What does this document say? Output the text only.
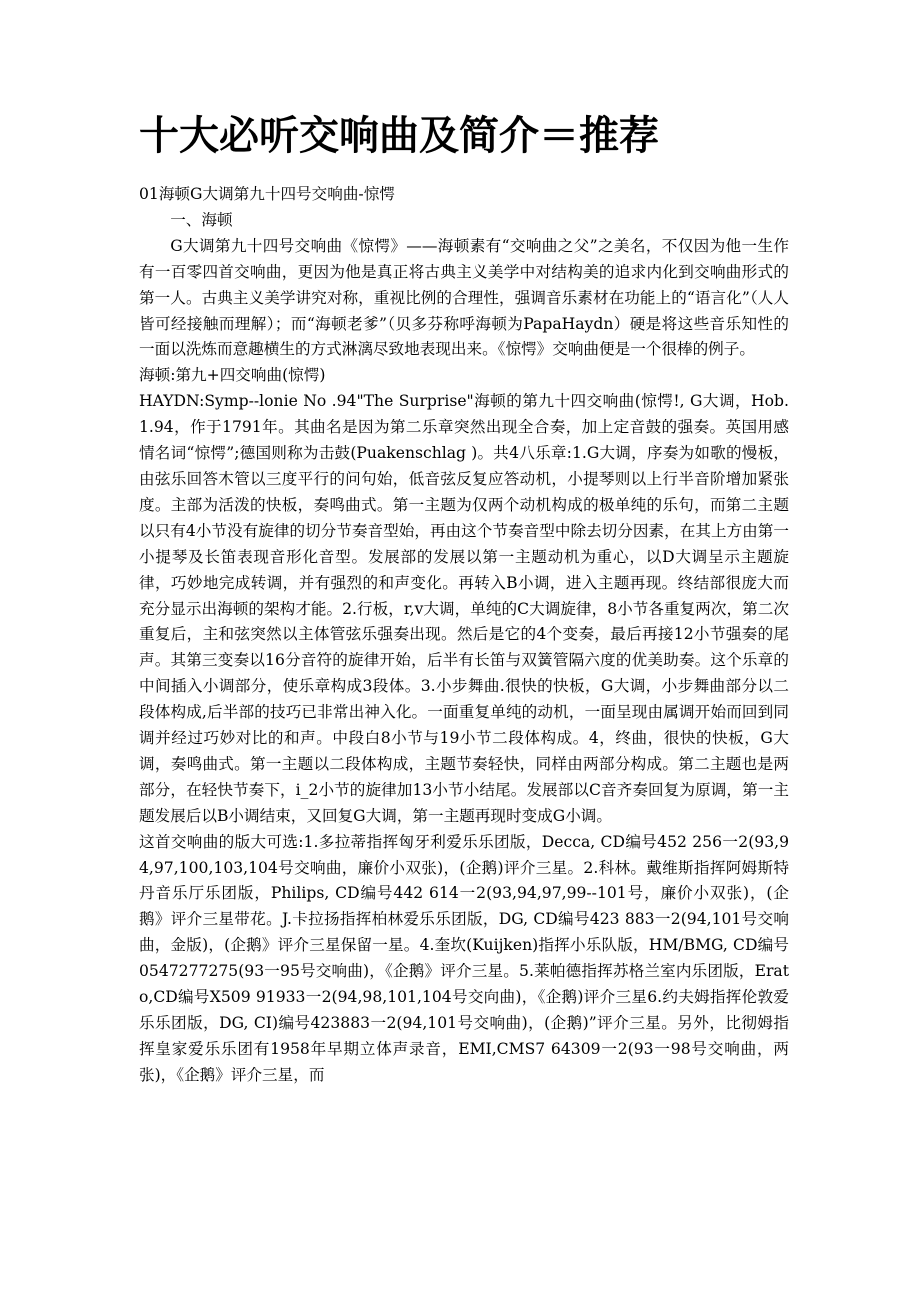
十大必听交响曲及简介＝推荐

01海顿G大调第九十四号交响曲-惊愕

一、海顿

G大调第九十四号交响曲《惊愕》——海顿素有“交响曲之父”之美名，不仅因为他一生作有一百零四首交响曲，更因为他是真正将古典主义美学中对结构美的追求内化到交响曲形式的第一人。古典主义美学讲究对称，重视比例的合理性，强调音乐素材在功能上的“语言化”（人人皆可经接触而理解）；而“海顿老爹”（贝多芬称呼海顿为PapaHaydn）硬是将这些音乐知性的一面以洗炼而意趣横生的方式淋漓尽致地表现出来。《惊愕》交响曲便是一个很棒的例子。

海顿:第九+四交响曲(惊愕)

HAYDN:Symp--lonie No .94"The Surprise"海顿的第九十四交响曲(惊愕!, G大调，Hob.1.94，作于1791年。其曲名是因为第二乐章突然出现全合奏，加上定音鼓的强奏。英国用感情名词“惊愕”;德国则称为击鼓(Puakenschlag )。共4八乐章:1.G大调，序奏为如歌的慢板，由弦乐回答木管以三度平行的问句始，低音弦反复应答动机，小提琴则以上行半音阶增加紧张度。主部为活泼的快板，奏鸣曲式。第一主题为仅两个动机构成的极单纯的乐句，而第二主题以只有4小节没有旋律的切分节奏音型始，再由这个节奏音型中除去切分因素，在其上方由第一小提琴及长笛表现音形化音型。发展部的发展以第一主题动机为重心，以D大调呈示主题旋律，巧妙地完成转调，并有强烈的和声变化。再转入B小调，进入主题再现。终结部很庞大而充分显示出海顿的架构才能。2.行板，r,v大调，单纯的C大调旋律，8小节各重复两次，第二次重复后，主和弦突然以主体管弦乐强奏出现。然后是它的4个变奏，最后再接12小节强奏的尾声。其第三变奏以16分音符的旋律开始，后半有长笛与双簧管隔六度的优美助奏。这个乐章的中间插入小调部分，使乐章构成3段体。3.小步舞曲.很快的快板，G大调，小步舞曲部分以二段体构成,后半部的技巧已非常出神入化。一面重复单纯的动机，一面呈现由属调开始而回到同调并经过巧妙对比的和声。中段白8小节与19小节二段体构成。4，终曲，很快的快板，G大调，奏鸣曲式。第一主题以二段体构成，主题节奏轻快，同样由两部分构成。第二主题也是两部分，在轻快节奏下，i_2小节的旋律加13小节小结尾。发展部以C音齐奏回复为原调，第一主题发展后以B小调结束，又回复G大调，第一主题再现时变成G小调。

这首交响曲的版大可选:1.多拉蒂指挥匈牙利爱乐乐团版，Decca, CD编号452 256一2(93,94,97,100,103,104号交响曲，廉价小双张)，(企鹅)评介三星。2.科林。戴维斯指挥阿姆斯特丹音乐厅乐团版，Philips, CD编号442 614一2(93,94,97,99--101号，廉价小双张)，(企鹅》评介三星带花。J.卡拉扬指挥柏林爱乐乐团版，DG, CD编号423 883一2(94,101号交响曲，金版)，(企鹅》评介三星保留一星。4.奎坎(Kuijken)指挥小乐队版，HM/BMG, CD编号0547277275(93一95号交响曲)，《企鹅》评介三星。5.莱帕德指挥苏格兰室内乐团版，Erato,CD编号X509 91933一2(94,98,101,104号交向曲)，《企鹅)评介三星6.约夫姆指挥伦敦爱乐乐团版，DG, CI)编号423883一2(94,101号交响曲)，(企鹅)”评介三星。另外，比彻姆指挥皇家爱乐乐团有1958年早期立体声录音，EMI,CMS7 64309一2(93一98号交响曲，两张)，《企鹅》评介三星，而
